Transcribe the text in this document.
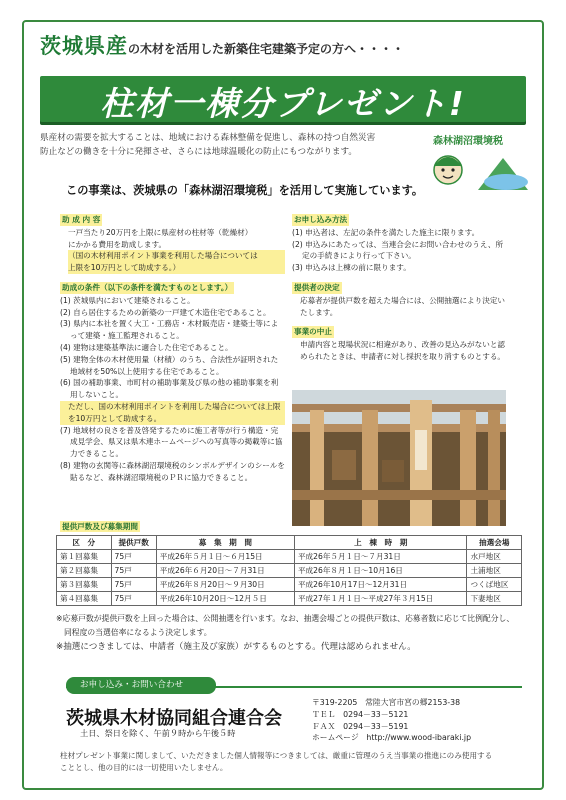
茨城県産の木材を活用した新築住宅建築予定の方へ・・・・
柱材一棟分プレゼント!
県産材の需要を拡大することは、地域における森林整備を促進し、森林の持つ自然災害
防止などの働きを十分に発揮させ、さらには地球温暖化の防止にもつながります。
森林湖沼環境税
この事業は、茨城県の「森林湖沼環境税」を活用して実施しています。
助 成 内 容
一戸当たり20万円を上限に県産材の柱材等（乾燥材）
にかかる費用を助成します。
（国の木材利用ポイント事業を利用した場合については
上限を10万円として助成する。）
助成の条件（以下の条件を満たすものとします。）
(1) 茨城県内において建築されること。
(2) 自ら居住するための新築の一戸建て木造住宅であること。
(3) 県内に本社を置く大工・工務店・木材販売店・建築士等によって建築・施工監理されること。
(4) 建物は建築基準法に適合した住宅であること。
(5) 建物全体の木材使用量（材積）のうち、合法性が証明された地域材を50%以上使用する住宅であること。
(6) 国の補助事業、市町村の補助事業及び県の他の補助事業を利用しないこと。
ただし、国の木材利用ポイントを利用した場合については上限を10万円として助成する。
(7) 地域材の良さを普及啓発するために施工者等が行う構造・完成見学会、県又は県木連ホームページへの写真等の掲載等に協力できること。
(8) 建物の玄関等に森林湖沼環境税のシンボルデザインのシールを貼るなど、森林湖沼環境税のＰＲに協力できること。
お申し込み方法
(1) 申込者は、左記の条件を満たした施主に限ります。
(2) 申込みにあたっては、当連合会にお問い合わせのうえ、所定の手続きにより行って下さい。
(3) 申込みは上棟の前に限ります。
提供者の決定
応募者が提供戸数を超えた場合には、公開抽選により決定いたします。
事業の中止
申請内容と現場状況に相違があり、改善の見込みがないと認められたときは、申請者に対し採択を取り消すものとする。
提供戸数及び募集期間
区　分	提供戸数	募　集　期　間	上　棟　時　期	抽選会場
第１回募集	75戸	平成26年５月１日～６月15日	平成26年５月１日～７月31日	水戸地区
第２回募集	75戸	平成26年６月20日～７月31日	平成26年８月１日～10月16日	土浦地区
第３回募集	75戸	平成26年８月20日～９月30日	平成26年10月17日～12月31日	つくば地区
第４回募集	75戸	平成26年10月20日～12月５日	平成27年１月１日～平成27年３月15日	下妻地区
※応募戸数が提供戸数を上回った場合は、公開抽選を行います。なお、抽選会場ごとの提供戸数は、応募者数に応じて比例配分し、
同程度の当選倍率になるよう決定します。
※抽選につきましては、申請者（施主及び家族）がするものとする。代理は認められません。
お申し込み・お問い合わせ
茨城県木材協同組合連合会
土日、祭日を除く、午前９時から午後５時
〒319-2205　常陸大宮市宮の郷2153-38
ＴＥＬ　0294－33－5121
ＦＡＸ　0294－33－5191
ホームページ　http://www.wood-ibaraki.jp
柱材プレゼント事業に関しまして、いただきました個人情報等につきましては、厳重に管理のうえ当事業の推進にのみ使用する
こととし、他の目的には一切使用いたしません。
